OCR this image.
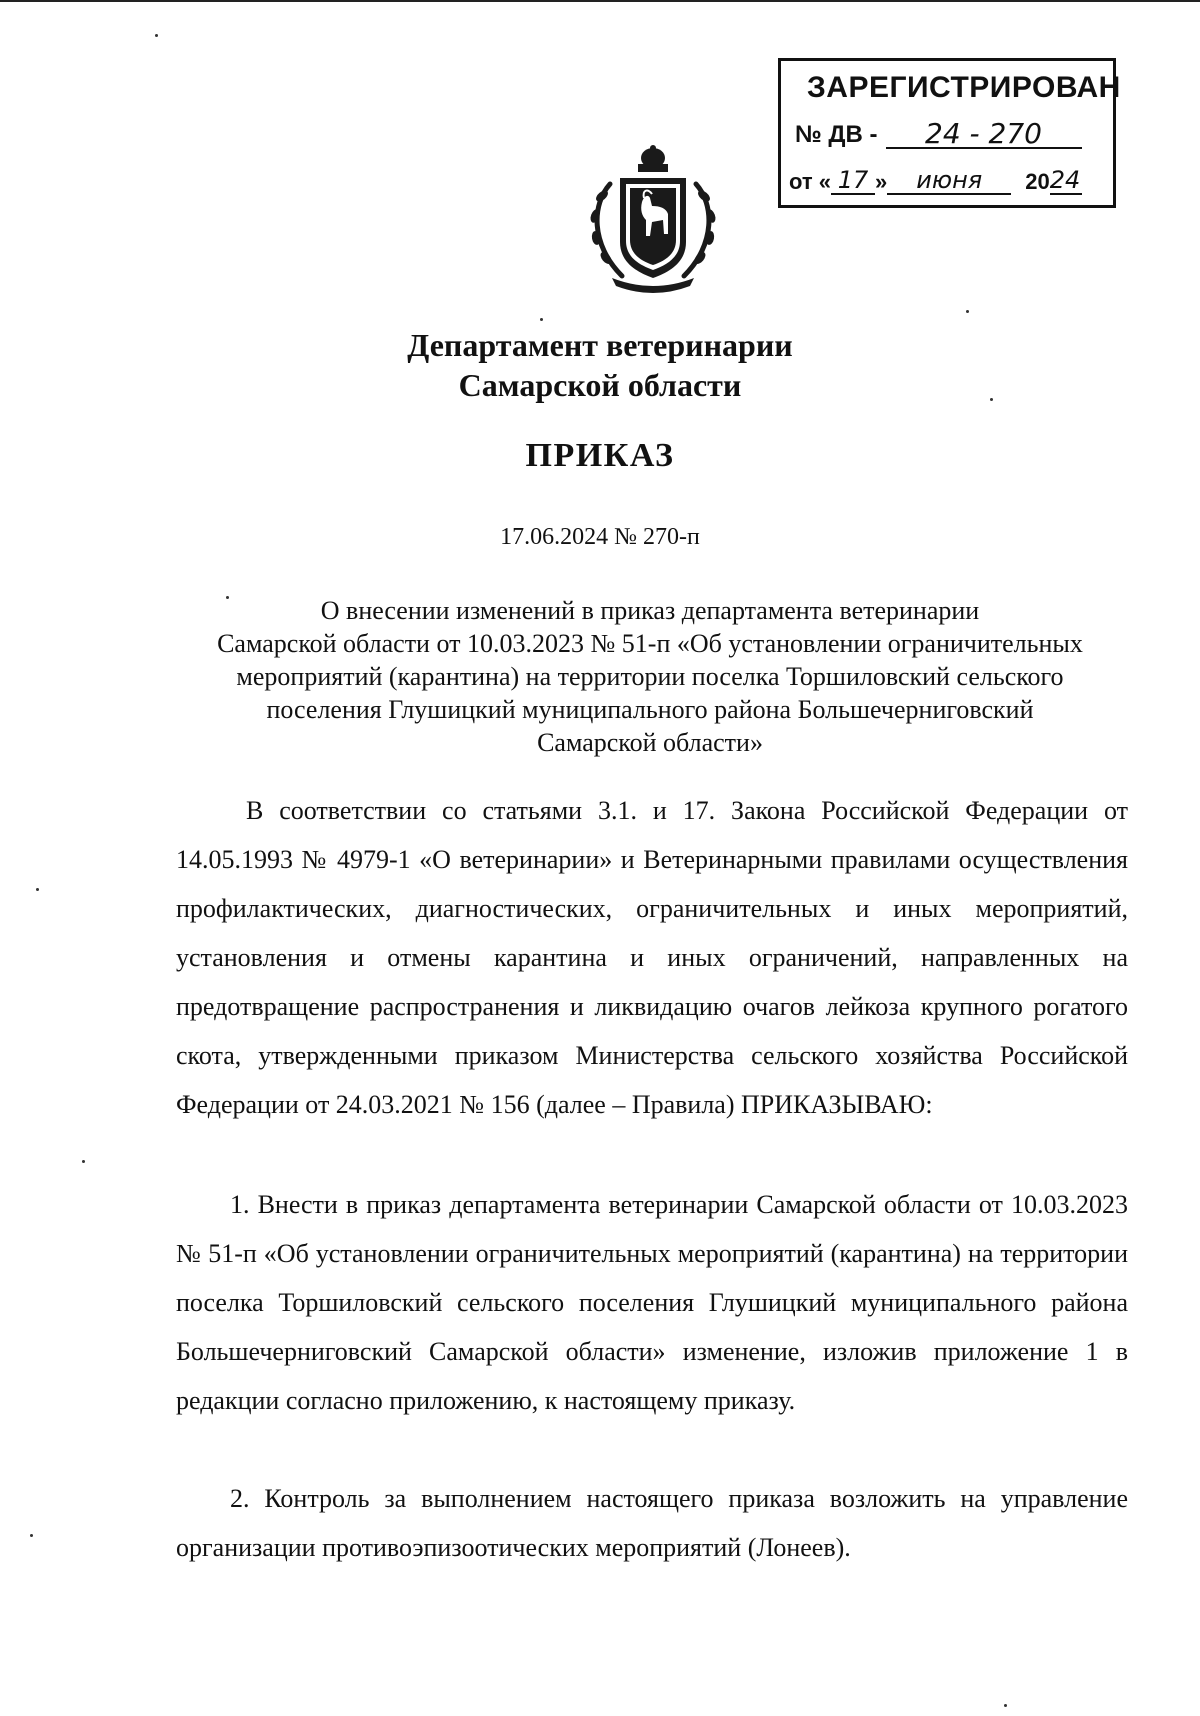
ЗАРЕГИСТРИРОВАН
№ ДВ -	24 - 270
от « 17 »	июня	20 24
Департамент ветеринарии
Самарской области
ПРИКАЗ
17.06.2024 № 270-п
О внесении изменений в приказ департамента ветеринарии
Самарской области от 10.03.2023 № 51-п «Об установлении ограничительных
мероприятий (карантина) на территории поселка Торшиловский сельского
поселения Глушицкий муниципального района Большечерниговский
Самарской области»

В соответствии со статьями 3.1. и 17. Закона Российской Федерации от 14.05.1993 № 4979-1 «О ветеринарии» и Ветеринарными правилами осуществления профилактических, диагностических, ограничительных и иных мероприятий, установления и отмены карантина и иных ограничений, направленных на предотвращение распространения и ликвидацию очагов лейкоза крупного рогатого скота, утвержденными приказом Министерства сельского хозяйства Российской Федерации от 24.03.2021 № 156 (далее – Правила) ПРИКАЗЫВАЮ:

1. Внести в приказ департамента ветеринарии Самарской области от 10.03.2023 № 51-п «Об установлении ограничительных мероприятий (карантина) на территории поселка Торшиловский сельского поселения Глушицкий муниципального района Большечерниговский Самарской области» изменение, изложив приложение 1 в редакции согласно приложению, к настоящему приказу.

2. Контроль за выполнением настоящего приказа возложить на управление организации противоэпизоотических мероприятий (Лонеев).
